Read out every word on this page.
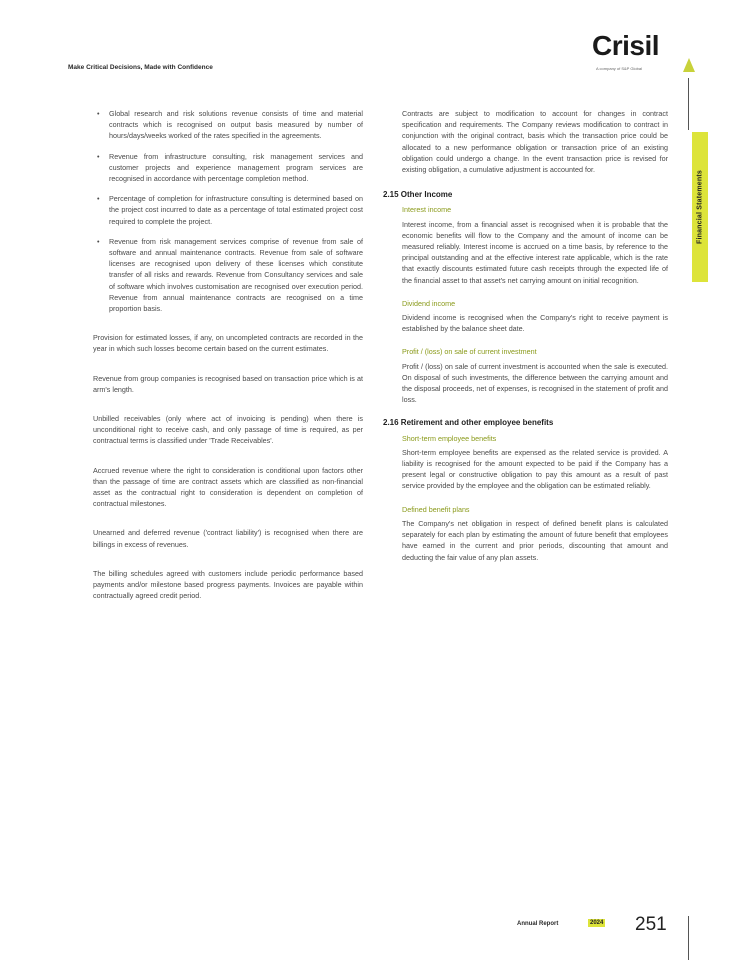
Make Critical Decisions, Made with Confidence
Crisil
A company of S&P Global
Financial Statements
• Global research and risk solutions revenue consists of time and material contracts which is recognised on output basis measured by number of hours/days/weeks worked of the rates specified in the agreements.
• Revenue from infrastructure consulting, risk management services and customer projects and experience management program services are recognised in accordance with percentage completion method.
• Percentage of completion for infrastructure consulting is determined based on the project cost incurred to date as a percentage of total estimated project cost required to complete the project.
• Revenue from risk management services comprise of revenue from sale of software and annual maintenance contracts. Revenue from sale of software licenses are recognised upon delivery of these licenses which constitute transfer of all risks and rewards. Revenue from Consultancy services and sale of software which involves customisation are recognised over execution period. Revenue from annual maintenance contracts are recognised on a time proportion basis.

Provision for estimated losses, if any, on uncompleted contracts are recorded in the year in which such losses become certain based on the current estimates.

Revenue from group companies is recognised based on transaction price which is at arm's length.

Unbilled receivables (only where act of invoicing is pending) when there is unconditional right to receive cash, and only passage of time is required, as per contractual terms is classified under 'Trade Receivables'.

Accrued revenue where the right to consideration is conditional upon factors other than the passage of time are contract assets which are classified as non-financial asset as the contractual right to consideration is dependent on completion of contractual milestones.

Unearned and deferred revenue ('contract liability') is recognised when there are billings in excess of revenues.

The billing schedules agreed with customers include periodic performance based payments and/or milestone based progress payments. Invoices are payable within contractually agreed credit period.

Contracts are subject to modification to account for changes in contract specification and requirements. The Company reviews modification to contract in conjunction with the original contract, basis which the transaction price could be allocated to a new performance obligation or transaction price of an existing obligation could undergo a change. In the event transaction price is revised for existing obligation, a cumulative adjustment is accounted for.

2.15 Other Income
Interest income

Interest income, from a financial asset is recognised when it is probable that the economic benefits will flow to the Company and the amount of income can be measured reliably. Interest income is accrued on a time basis, by reference to the principal outstanding and at the effective interest rate applicable, which is the rate that exactly discounts estimated future cash receipts through the expected life of the financial asset to that asset's net carrying amount on initial recognition.

Dividend income

Dividend income is recognised when the Company's right to receive payment is established by the balance sheet date.

Profit / (loss) on sale of current investment

Profit / (loss) on sale of current investment is accounted when the sale is executed. On disposal of such investments, the difference between the carrying amount and the disposal proceeds, net of expenses, is recognised in the statement of profit and loss.

2.16 Retirement and other employee benefits
Short-term employee benefits

Short-term employee benefits are expensed as the related service is provided. A liability is recognised for the amount expected to be paid if the Company has a present legal or constructive obligation to pay this amount as a result of past service provided by the employee and the obligation can be estimated reliably.

Defined benefit plans

The Company's net obligation in respect of defined benefit plans is calculated separately for each plan by estimating the amount of future benefit that employees have earned in the current and prior periods, discounting that amount and deducting the fair value of any plan assets.

Annual Report	2024 251
